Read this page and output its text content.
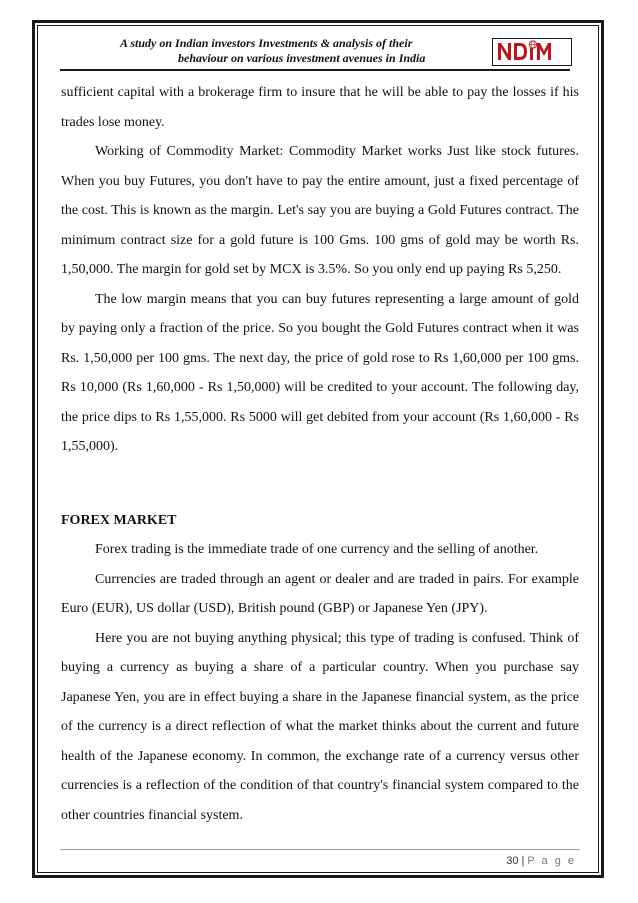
A study on Indian investors Investments & analysis of their
behaviour on various investment avenues in India

sufficient capital with a brokerage firm to insure that he will be able to pay the losses if his trades lose money.

Working of Commodity Market: Commodity Market works Just like stock futures. When you buy Futures, you don't have to pay the entire amount, just a fixed percentage of the cost. This is known as the margin. Let's say you are buying a Gold Futures contract. The minimum contract size for a gold future is 100 Gms. 100 gms of gold may be worth Rs. 1,50,000. The margin for gold set by MCX is 3.5%. So you only end up paying Rs 5,250.

The low margin means that you can buy futures representing a large amount of gold by paying only a fraction of the price. So you bought the Gold Futures contract when it was Rs. 1,50,000 per 100 gms. The next day, the price of gold rose to Rs 1,60,000 per 100 gms. Rs 10,000 (Rs 1,60,000 - Rs 1,50,000) will be credited to your account. The following day, the price dips to Rs 1,55,000. Rs 5000 will get debited from your account (Rs 1,60,000 - Rs 1,55,000).

FOREX MARKET

Forex trading is the immediate trade of one currency and the selling of another.

Currencies are traded through an agent or dealer and are traded in pairs. For example Euro (EUR), US dollar (USD), British pound (GBP) or Japanese Yen (JPY).

Here you are not buying anything physical; this type of trading is confused. Think of buying a currency as buying a share of a particular country. When you purchase say Japanese Yen, you are in effect buying a share in the Japanese financial system, as the price of the currency is a direct reflection of what the market thinks about the current and future health of the Japanese economy. In common, the exchange rate of a currency versus other currencies is a reflection of the condition of that country's financial system compared to the other countries financial system.

30 | P a g e
